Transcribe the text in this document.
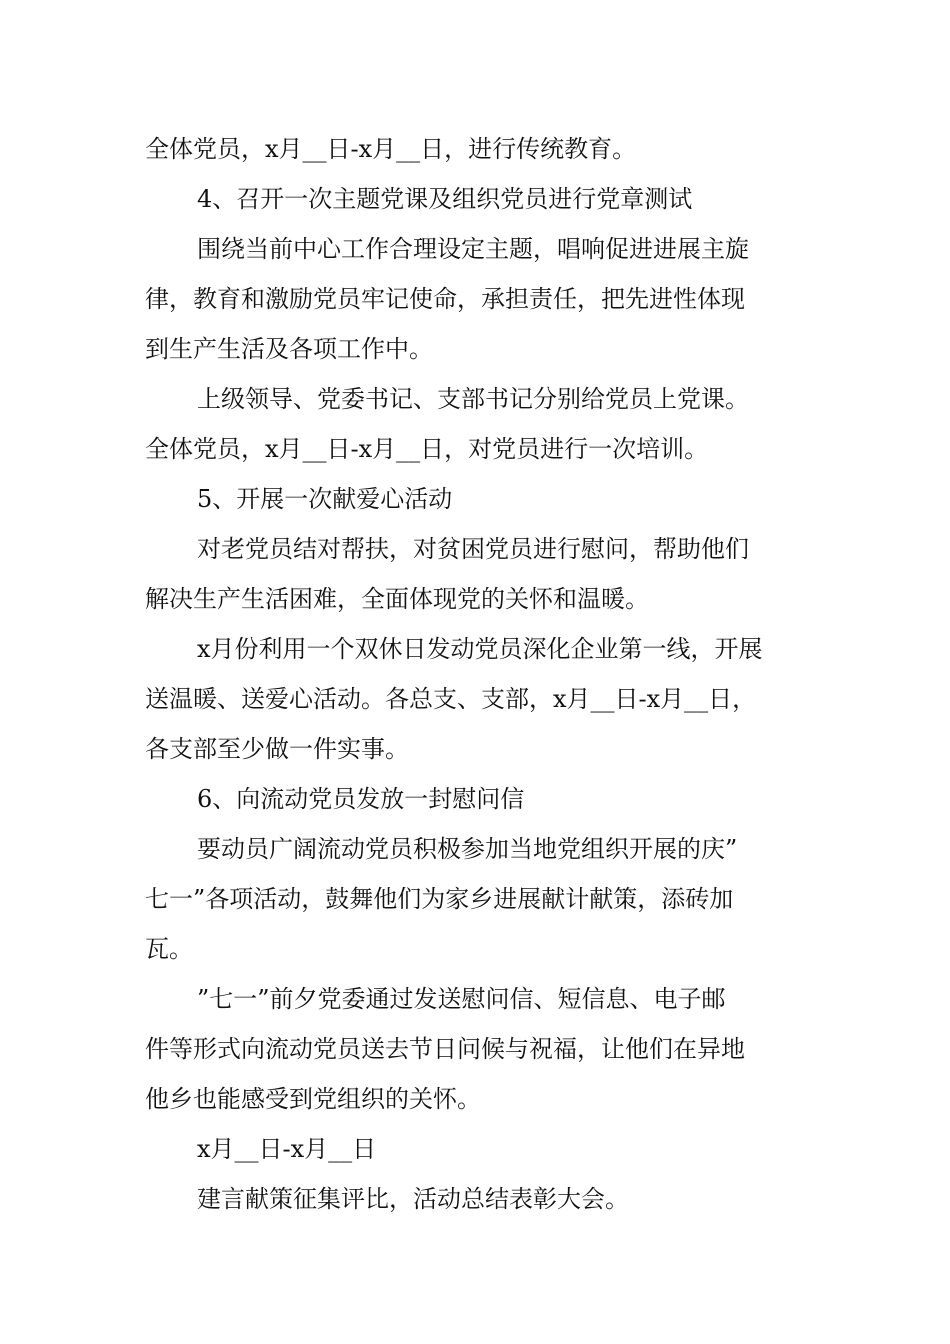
全体党员，x月__日-x月__日，进行传统教育。
4、召开一次主题党课及组织党员进行党章测试
围绕当前中心工作合理设定主题，唱响促进进展主旋
律，教育和激励党员牢记使命，承担责任，把先进性体现
到生产生活及各项工作中。
上级领导、党委书记、支部书记分别给党员上党课。
全体党员，x月__日-x月__日，对党员进行一次培训。
5、开展一次献爱心活动
对老党员结对帮扶，对贫困党员进行慰问，帮助他们
解决生产生活困难，全面体现党的关怀和温暖。
x月份利用一个双休日发动党员深化企业第一线，开展
送温暖、送爱心活动。各总支、支部，x月__日-x月__日，
各支部至少做一件实事。
6、向流动党员发放一封慰问信
要动员广阔流动党员积极参加当地党组织开展的庆”
七一”各项活动，鼓舞他们为家乡进展献计献策，添砖加
瓦。
”七一”前夕党委通过发送慰问信、短信息、电子邮
件等形式向流动党员送去节日问候与祝福，让他们在异地
他乡也能感受到党组织的关怀。
x月__日-x月__日
建言献策征集评比，活动总结表彰大会。
